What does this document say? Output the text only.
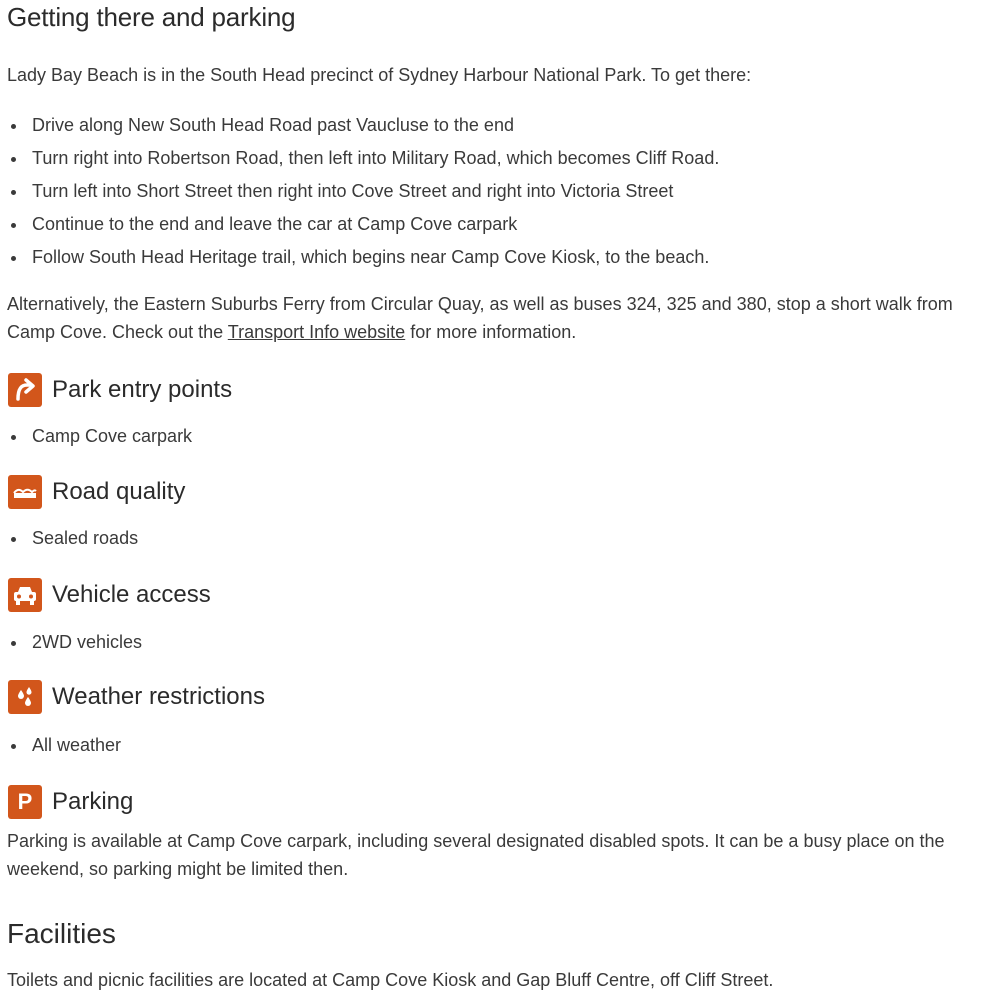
Getting there and parking

Lady Bay Beach is in the South Head precinct of Sydney Harbour National Park. To get there:

Drive along New South Head Road past Vaucluse to the end
Turn right into Robertson Road, then left into Military Road, which becomes Cliff Road.
Turn left into Short Street then right into Cove Street and right into Victoria Street
Continue to the end and leave the car at Camp Cove carpark
Follow South Head Heritage trail, which begins near Camp Cove Kiosk, to the beach.

Alternatively, the Eastern Suburbs Ferry from Circular Quay, as well as buses 324, 325 and 380, stop a short walk from Camp Cove. Check out the Transport Info website for more information.

Park entry points
Camp Cove carpark
Road quality
Sealed roads
Vehicle access
2WD vehicles
Weather restrictions
All weather
P Parking

Parking is available at Camp Cove carpark, including several designated disabled spots. It can be a busy place on the weekend, so parking might be limited then.

Facilities

Toilets and picnic facilities are located at Camp Cove Kiosk and Gap Bluff Centre, off Cliff Street.
